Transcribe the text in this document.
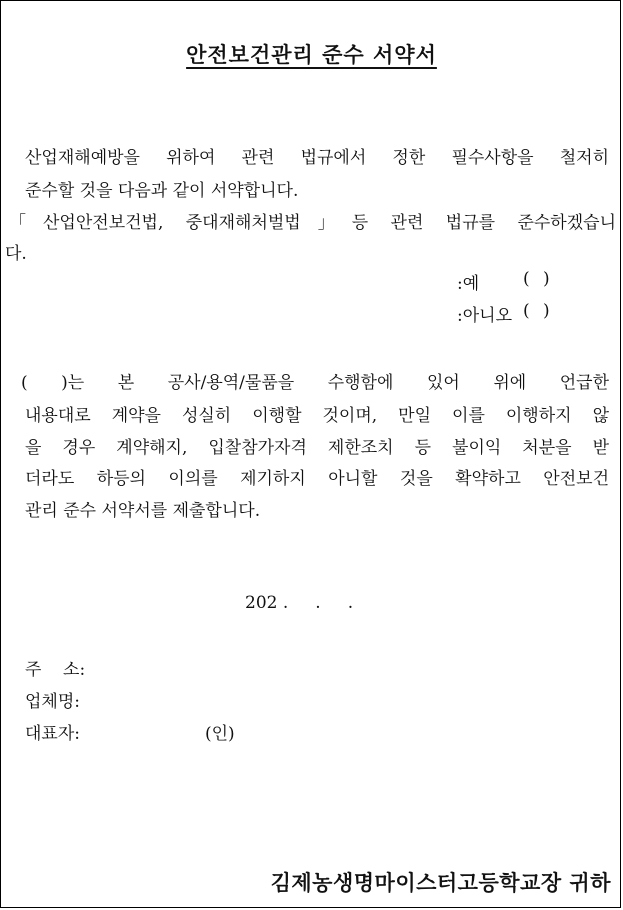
안전보건관리 준수 서약서
산업재해예방을 위하여 관련 법규에서 정한 필수사항을 철저히
준수할 것을 다음과 같이 서약합니다.
「산업안전보건법, 중대재해처벌법」등 관련 법규를 준수하겠습니
다.
:예	( )
:아니오 ( )
( )는 본 공사/용역/물품을 수행함에 있어 위에 언급한
내용대로 계약을 성실히 이행할 것이며, 만일 이를 이행하지 않
을 경우 계약해지, 입찰참가자격 제한조치 등 불이익 처분을 받
더라도 하등의 이의를 제기하지 아니할 것을 확약하고 안전보건
관리 준수 서약서를 제출합니다.
202 .     .     .
주    소:
업체명:
대표자:	(인)
김제농생명마이스터고등학교장 귀하
